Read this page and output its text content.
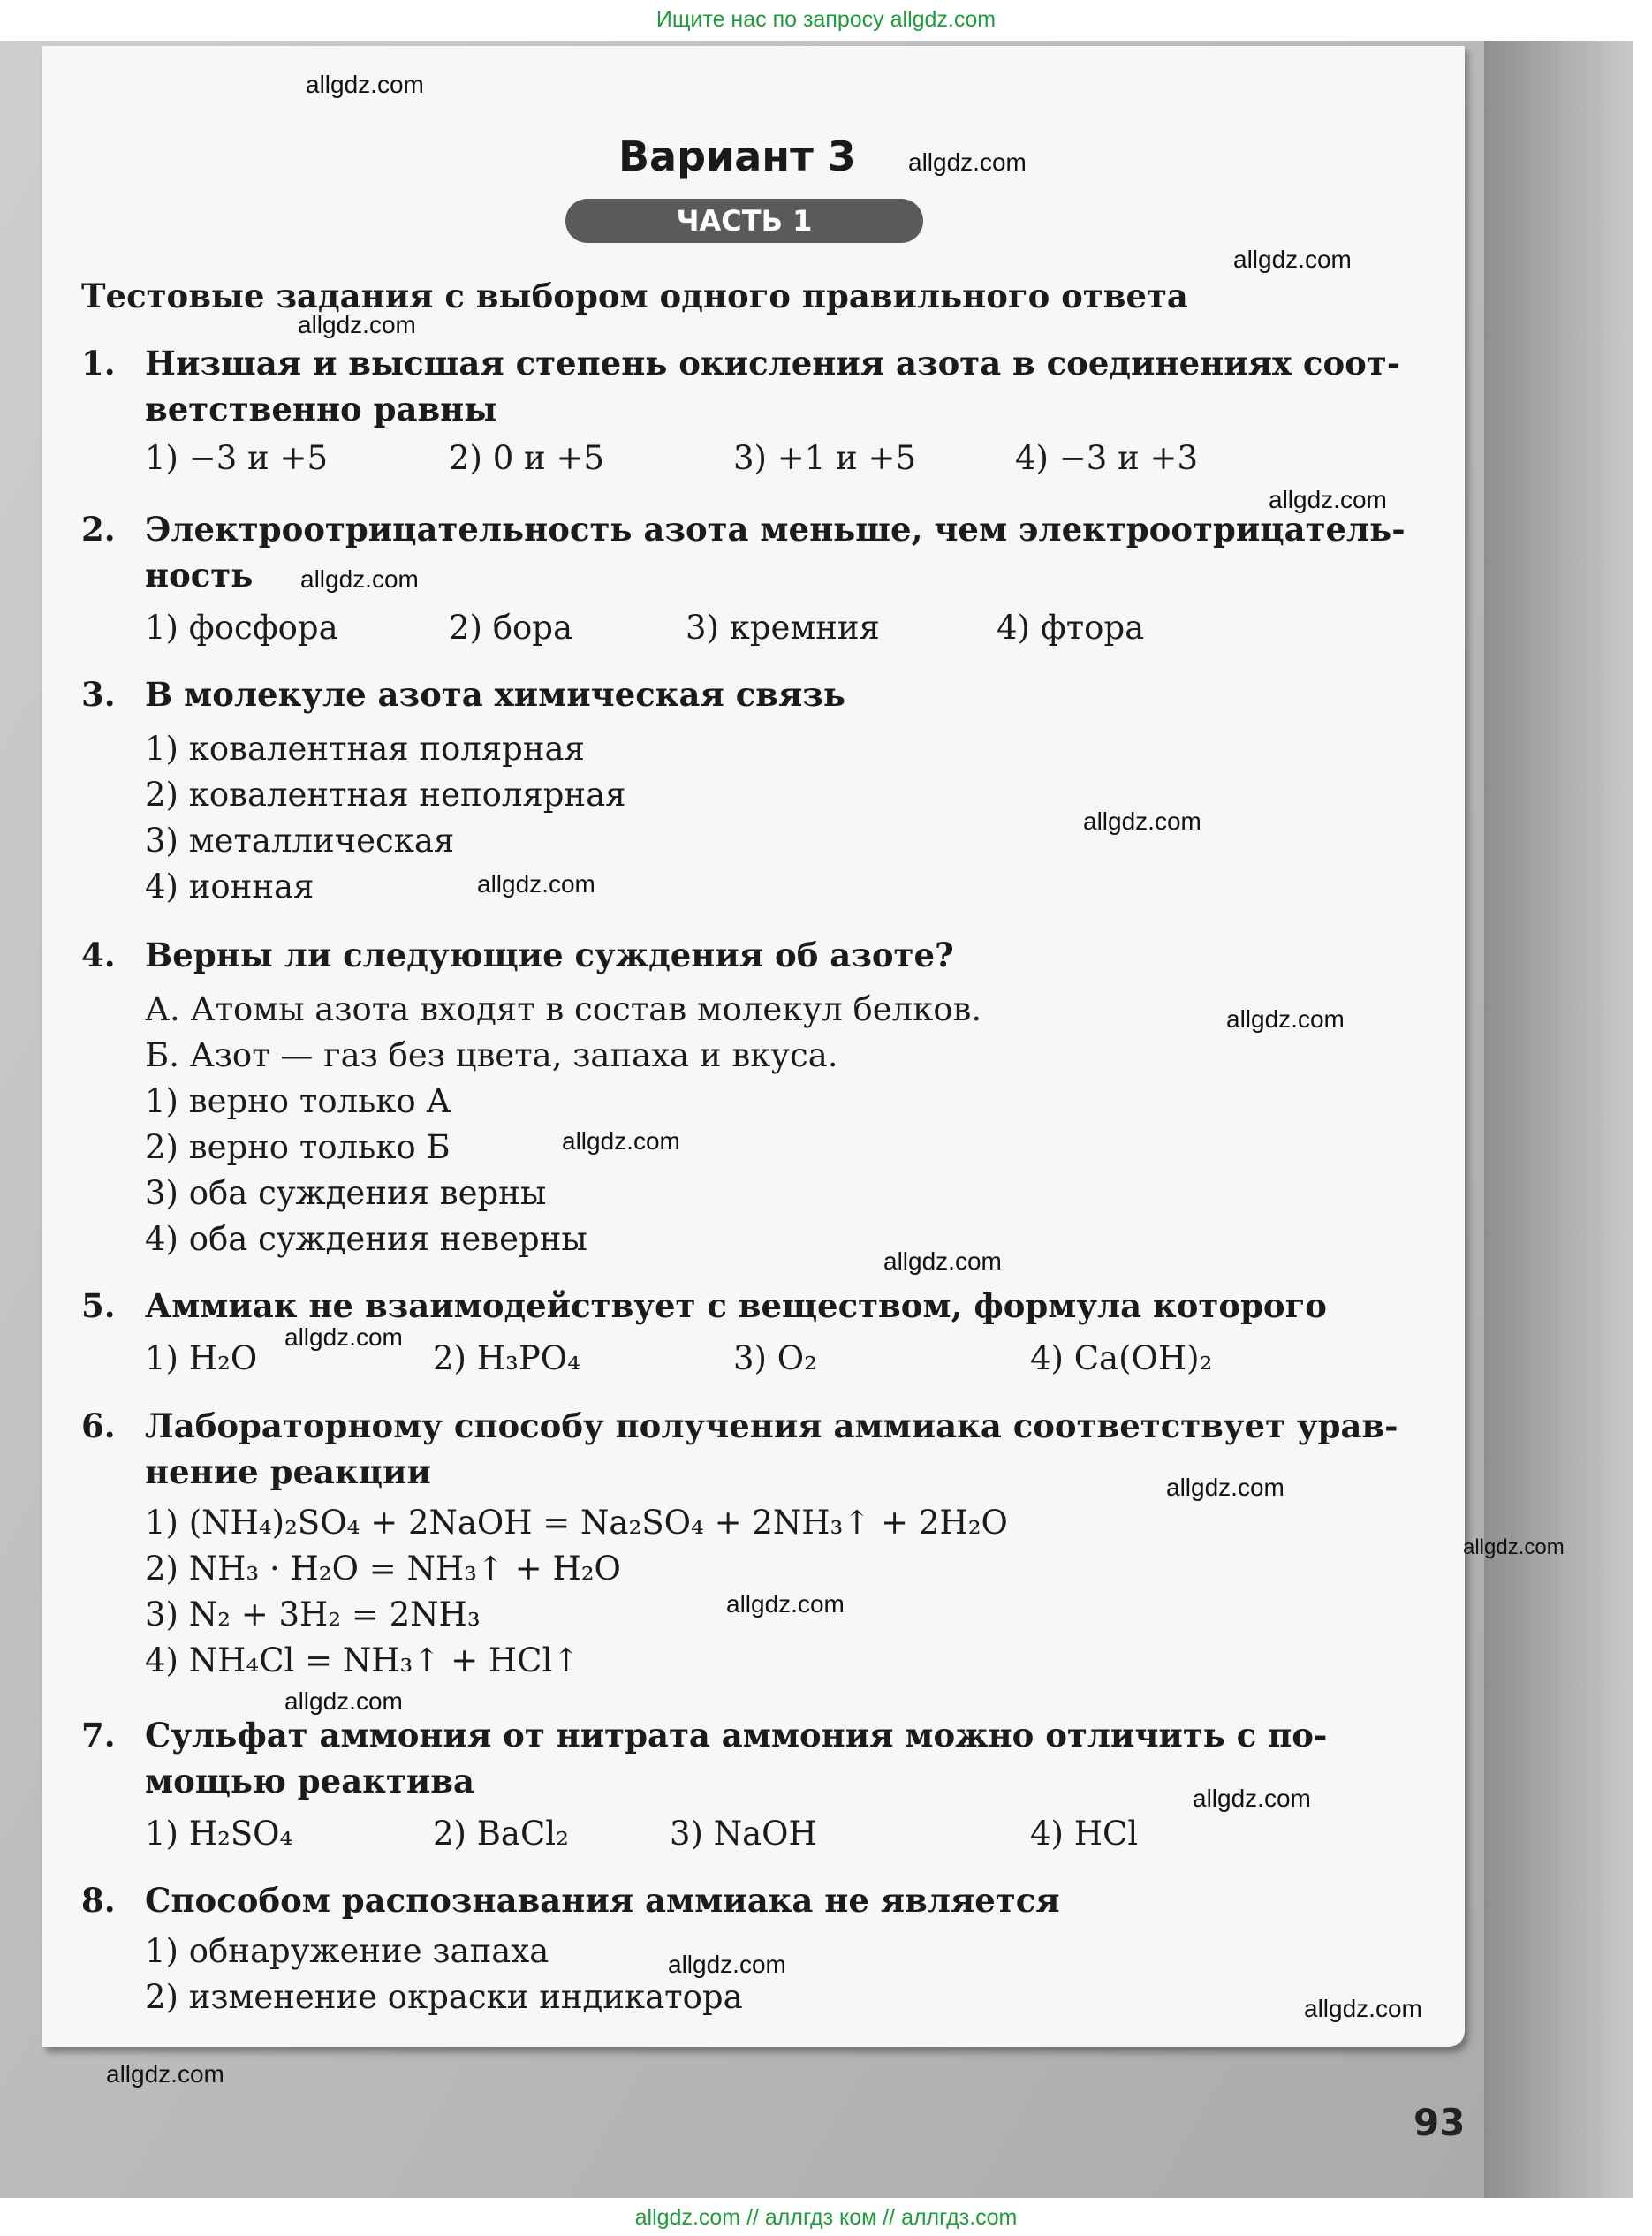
Ищите нас по запросу allgdz.com
Вариант 3
ЧАСТЬ 1
Тестовые задания с выбором одного правильного ответа
1. Низшая и высшая степень окисления азота в соединениях соот-
ветственно равны
1) −3 и +5	2) 0 и +5	3) +1 и +5	4) −3 и +3
2. Электроотрицательность азота меньше, чем электроотрицатель-
ность
1) фосфора	2) бора	3) кремния	4) фтора
3. В молекуле азота химическая связь
1) ковалентная полярная
2) ковалентная неполярная
3) металлическая
4) ионная
4. Верны ли следующие суждения об азоте?
А. Атомы азота входят в состав молекул белков.
Б. Азот — газ без цвета, запаха и вкуса.
1) верно только А
2) верно только Б
3) оба суждения верны
4) оба суждения неверны
5. Аммиак не взаимодействует с веществом, формула которого
1) H₂O	2) H₃PO₄	3) O₂	4) Ca(OH)₂
6. Лабораторному способу получения аммиака соответствует урав-
нение реакции
1) (NH₄)₂SO₄ + 2NaOH = Na₂SO₄ + 2NH₃↑ + 2H₂O
2) NH₃ · H₂O = NH₃↑ + H₂O
3) N₂ + 3H₂ = 2NH₃
4) NH₄Cl = NH₃↑ + HCl↑
7. Сульфат аммония от нитрата аммония можно отличить с по-
мощью реактива
1) H₂SO₄	2) BaCl₂	3) NaOH	4) HCl
8. Способом распознавания аммиака не является
1) обнаружение запаха
2) изменение окраски индикатора
93
allgdz.com
allgdz.com
allgdz.com
allgdz.com
allgdz.com
allgdz.com
allgdz.com
allgdz.com
allgdz.com
allgdz.com
allgdz.com
allgdz.com
allgdz.com
allgdz.com
allgdz.com
allgdz.com
allgdz.com
allgdz.com
allgdz.com
allgdz.com
allgdz.com // аллгдз ком // аллгдз.com
